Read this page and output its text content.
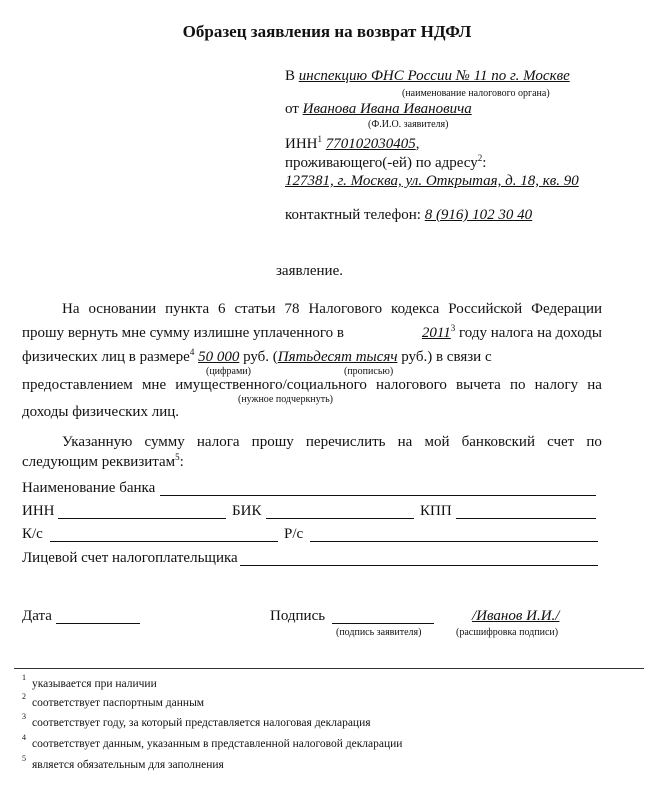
Образец заявления на возврат НДФЛ
В инспекцию ФНС России № 11 по г. Москве
(наименование налогового органа)
от Иванова Ивана Ивановича
(Ф.И.О. заявителя)
ИНН$^1$ 770102030405,
проживающего(-ей) по адресу$^2$:
127381, г. Москва, ул. Открытая, д. 18, кв. 90
контактный телефон: 8 (916) 102 30 40
заявление.
На основании пункта 6 статьи 78 Налогового кодекса Российской Федерации
прошу вернуть мне сумму излишне уплаченного в	2011$^3$ году налога на доходы
физических лиц в размере$^4$ 50 000 руб. (Пятьдесят тысяч руб.) в связи с
(цифрами)	(прописью)
предоставлением мне имущественного/социального налогового вычета по налогу на
(нужное подчеркнуть)
доходы физических лиц.
Указанную сумму налога прошу перечислить на мой банковский счет по
следующим реквизитам$^5$:
Наименование банка
ИНН	БИК	КПП
К/с	Р/с
Лицевой счет налогоплательщика
Дата	Подпись
(подпись заявителя)
/Иванов И.И./
(расшифровка подписи)
1
указывается при наличии
2
соответствует паспортным данным
3
соответствует году, за который представляется налоговая декларация
4
соответствует данным, указанным в представленной налоговой декларации
5
является обязательным для заполнения
